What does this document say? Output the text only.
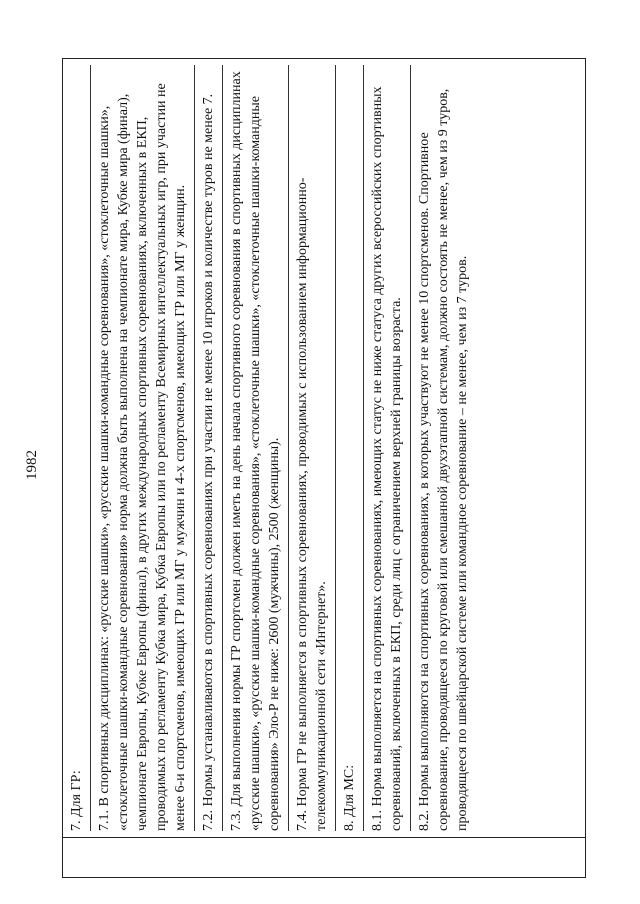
1982
7. Для ГР: 7.1. В спортивных дисциплинах: «русские шашки», «русские шашки-командные соревнования», «стоклеточные шашки», «стоклеточные шашки-командные соревнования» норма должна быть выполнена на чемпионате мира, Кубке мира (финал), чемпионате Европы, Кубке Европы (финал), в других международных спортивных соревнованиях, включенных в ЕКП, проводимых по регламенту Кубка мира, Кубка Европы или по регламенту Всемирных интеллектуальных игр, при участии не менее 6-и спортсменов, имеющих ГР или МГ у мужчин и 4-х спортсменов, имеющих ГР или МГ у женщин. 7.2. Нормы устанавливаются в спортивных соревнованиях при участии не менее 10 игроков и количестве туров не менее 7. 7.3. Для выполнения нормы ГР спортсмен должен иметь на день начала спортивного соревнования в спортивных дисциплинах «русские шашки», «русские шашки-командные соревнования», «стоклеточные шашки», «стоклеточные шашки-командные соревнования» Эло-Р не ниже: 2600 (мужчины), 2500 (женщины). 7.4. Норма ГР не выполняется в спортивных соревнованиях, проводимых с использованием информационно-телекоммуникационной сети «Интернет». 8. Для МС: 8.1. Норма выполняется на спортивных соревнованиях, имеющих статус не ниже статуса других всероссийских спортивных соревнований, включенных в ЕКП, среди лиц с ограничением верхней границы возраста. 8.2. Нормы выполняются на спортивных соревнованиях, в которых участвуют не менее 10 спортсменов. Спортивное соревнование, проводящееся по круговой или смешанной двухэтапной системам, должно состоять не менее, чем из 9 туров, проводящееся по швейцарской системе или командное соревнование – не менее, чем из 7 туров.
